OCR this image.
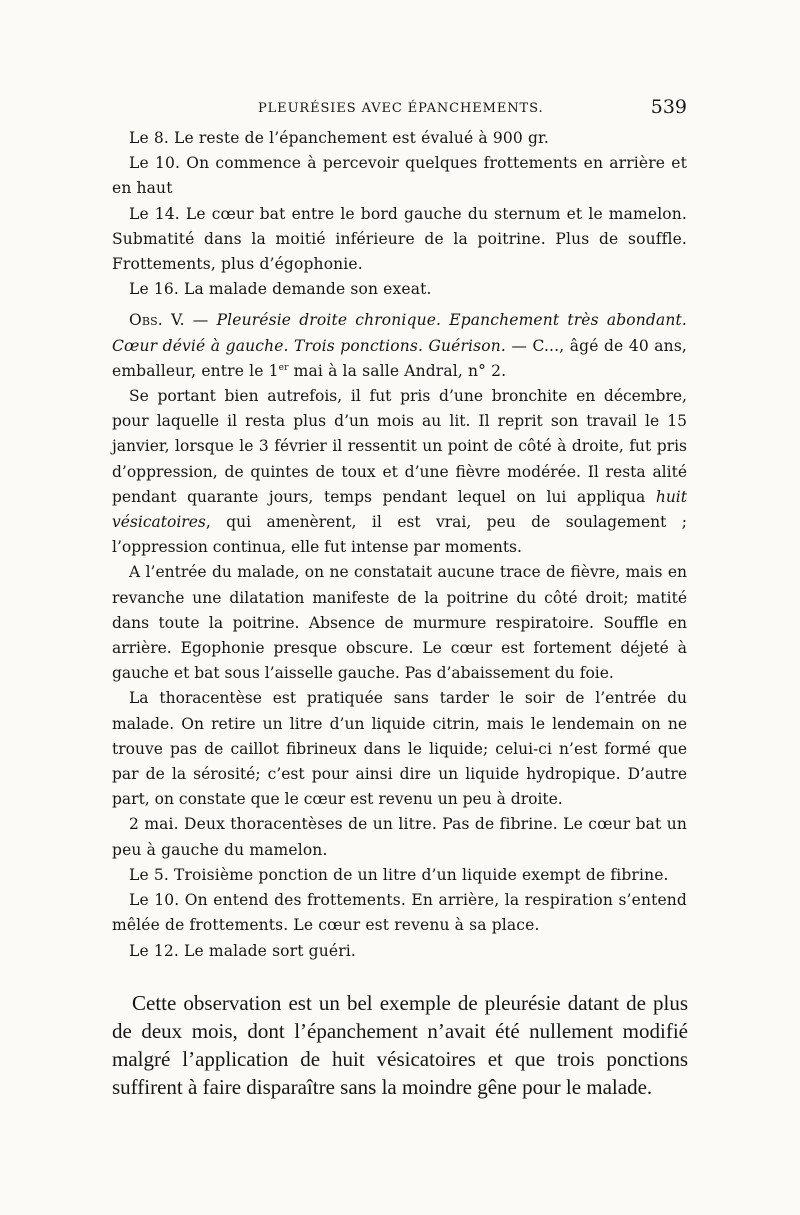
PLEURÉSIES AVEC ÉPANCHEMENTS.	539

Le 8. Le reste de l’épanchement est évalué à 900 gr.

Le 10. On commence à percevoir quelques frottements en arrière et en haut

Le 14. Le cœur bat entre le bord gauche du sternum et le mamelon. Submatité dans la moitié inférieure de la poitrine. Plus de souffle. Frottements, plus d’égophonie.

Le 16. La malade demande son exeat.

Obs. V. — Pleurésie droite chronique. Epanchement très abondant. Cœur dévié à gauche. Trois ponctions. Guérison. — C..., âgé de 40 ans, emballeur, entre le 1er mai à la salle Andral, n° 2.

Se portant bien autrefois, il fut pris d’une bronchite en décembre, pour laquelle il resta plus d’un mois au lit. Il reprit son travail le 15 janvier, lorsque le 3 février il ressentit un point de côté à droite, fut pris d’oppression, de quintes de toux et d’une fièvre modérée. Il resta alité pendant quarante jours, temps pendant lequel on lui appliqua huit vésicatoires, qui amenèrent, il est vrai, peu de soulagement ; l’oppression continua, elle fut intense par moments.

A l’entrée du malade, on ne constatait aucune trace de fièvre, mais en revanche une dilatation manifeste de la poitrine du côté droit; matité dans toute la poitrine. Absence de murmure respiratoire. Souffle en arrière. Egophonie presque obscure. Le cœur est fortement déjeté à gauche et bat sous l’aisselle gauche. Pas d’abaissement du foie.

La thoracentèse est pratiquée sans tarder le soir de l’entrée du malade. On retire un litre d’un liquide citrin, mais le lendemain on ne trouve pas de caillot fibrineux dans le liquide; celui-ci n’est formé que par de la sérosité; c’est pour ainsi dire un liquide hydropique. D’autre part, on constate que le cœur est revenu un peu à droite.

2 mai. Deux thoracentèses de un litre. Pas de fibrine. Le cœur bat un peu à gauche du mamelon.

Le 5. Troisième ponction de un litre d’un liquide exempt de fibrine.

Le 10. On entend des frottements. En arrière, la respiration s’entend mêlée de frottements. Le cœur est revenu à sa place.

Le 12. Le malade sort guéri.

Cette observation est un bel exemple de pleurésie datant de plus de deux mois, dont l’épanchement n’avait été nullement modifié malgré l’application de huit vésicatoires et que trois ponctions suffirent à faire disparaître sans la moindre gêne pour le malade.
